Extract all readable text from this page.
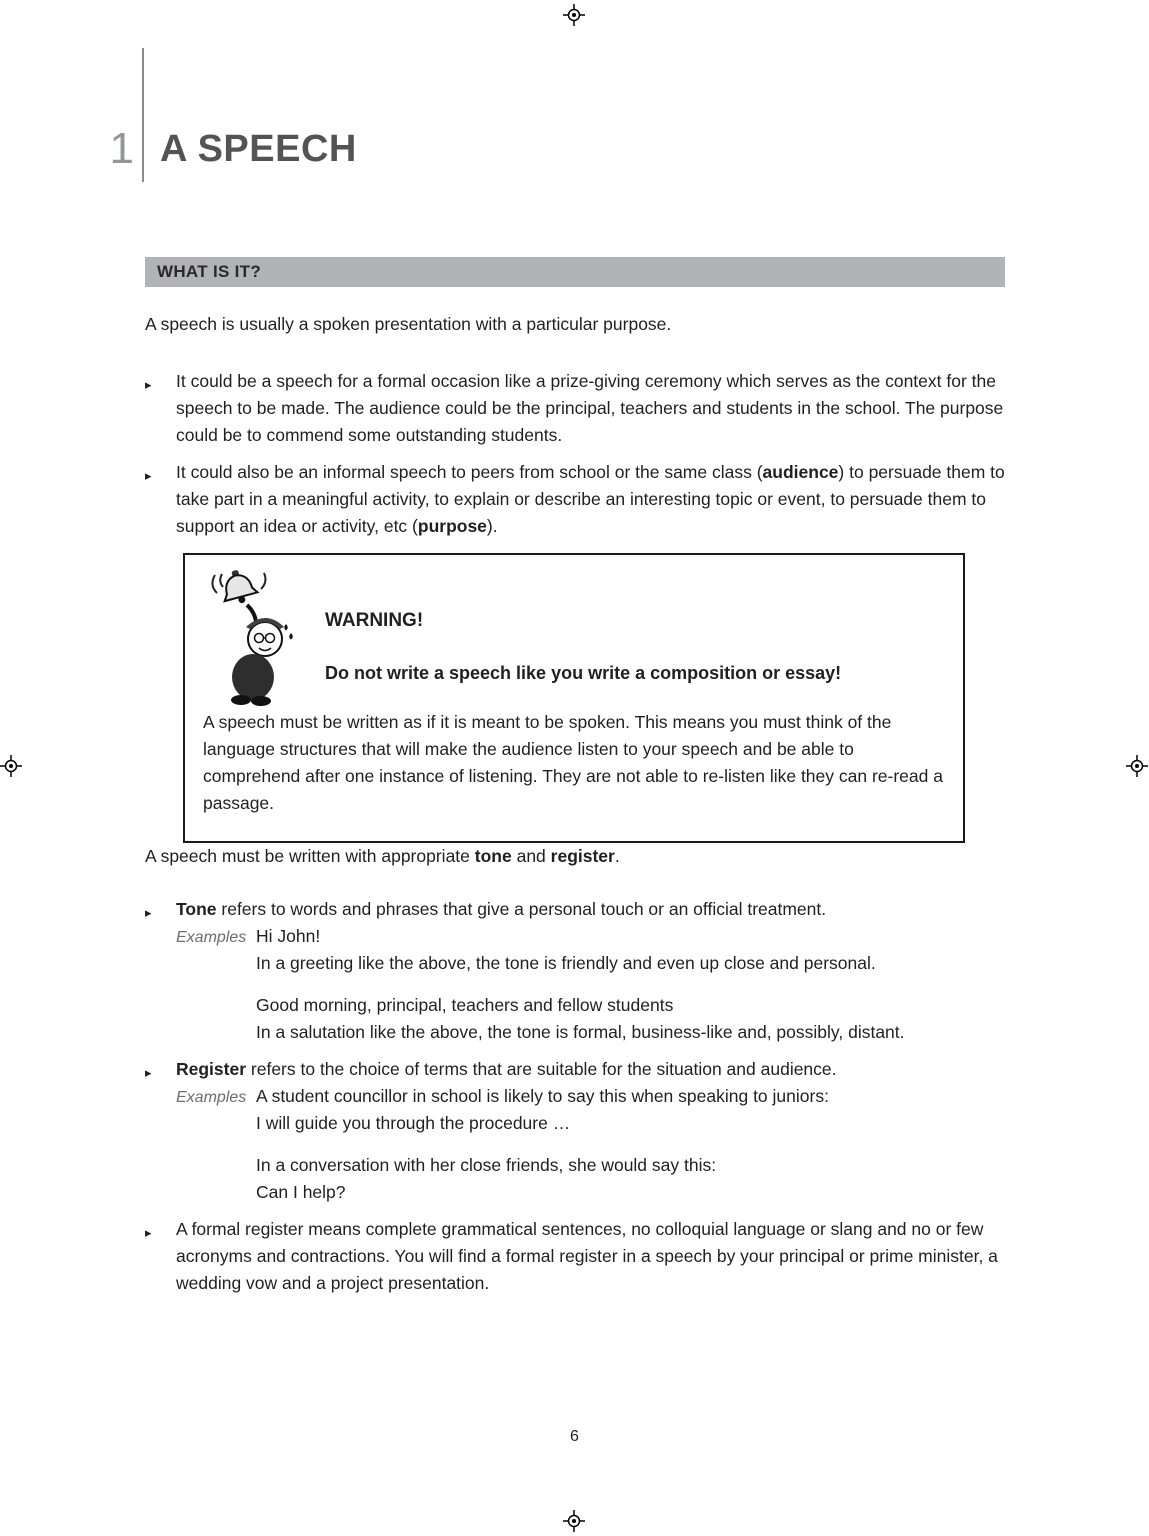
1 A SPEECH
WHAT IS IT?

A speech is usually a spoken presentation with a particular purpose.

▸	It could be a speech for a formal occasion like a prize-giving ceremony which serves as the context for the speech to be made. The audience could be the principal, teachers and students in the school. The purpose could be to commend some outstanding students.

▸	It could also be an informal speech to peers from school or the same class (audience) to persuade them to take part in a meaningful activity, to explain or describe an interesting topic or event, to persuade them to support an idea or activity, etc (purpose).

WARNING!
Do not write a speech like you write a composition or essay!

A speech must be written as if it is meant to be spoken. This means you must think of the language structures that will make the audience listen to your speech and be able to comprehend after one instance of listening. They are not able to re-listen like they can re-read a passage.

A speech must be written with appropriate tone and register.

▸	Tone refers to words and phrases that give a personal touch or an official treatment.

Examples Hi John!

In a greeting like the above, the tone is friendly and even up close and personal.

Good morning, principal, teachers and fellow students

In a salutation like the above, the tone is formal, business-like and, possibly, distant.

▸	Register refers to the choice of terms that are suitable for the situation and audience.

Examples A student councillor in school is likely to say this when speaking to juniors:

I will guide you through the procedure …

In a conversation with her close friends, she would say this:

Can I help?

▸	A formal register means complete grammatical sentences, no colloquial language or slang and no or few acronyms and contractions. You will find a formal register in a speech by your principal or prime minister, a wedding vow and a project presentation.

6
